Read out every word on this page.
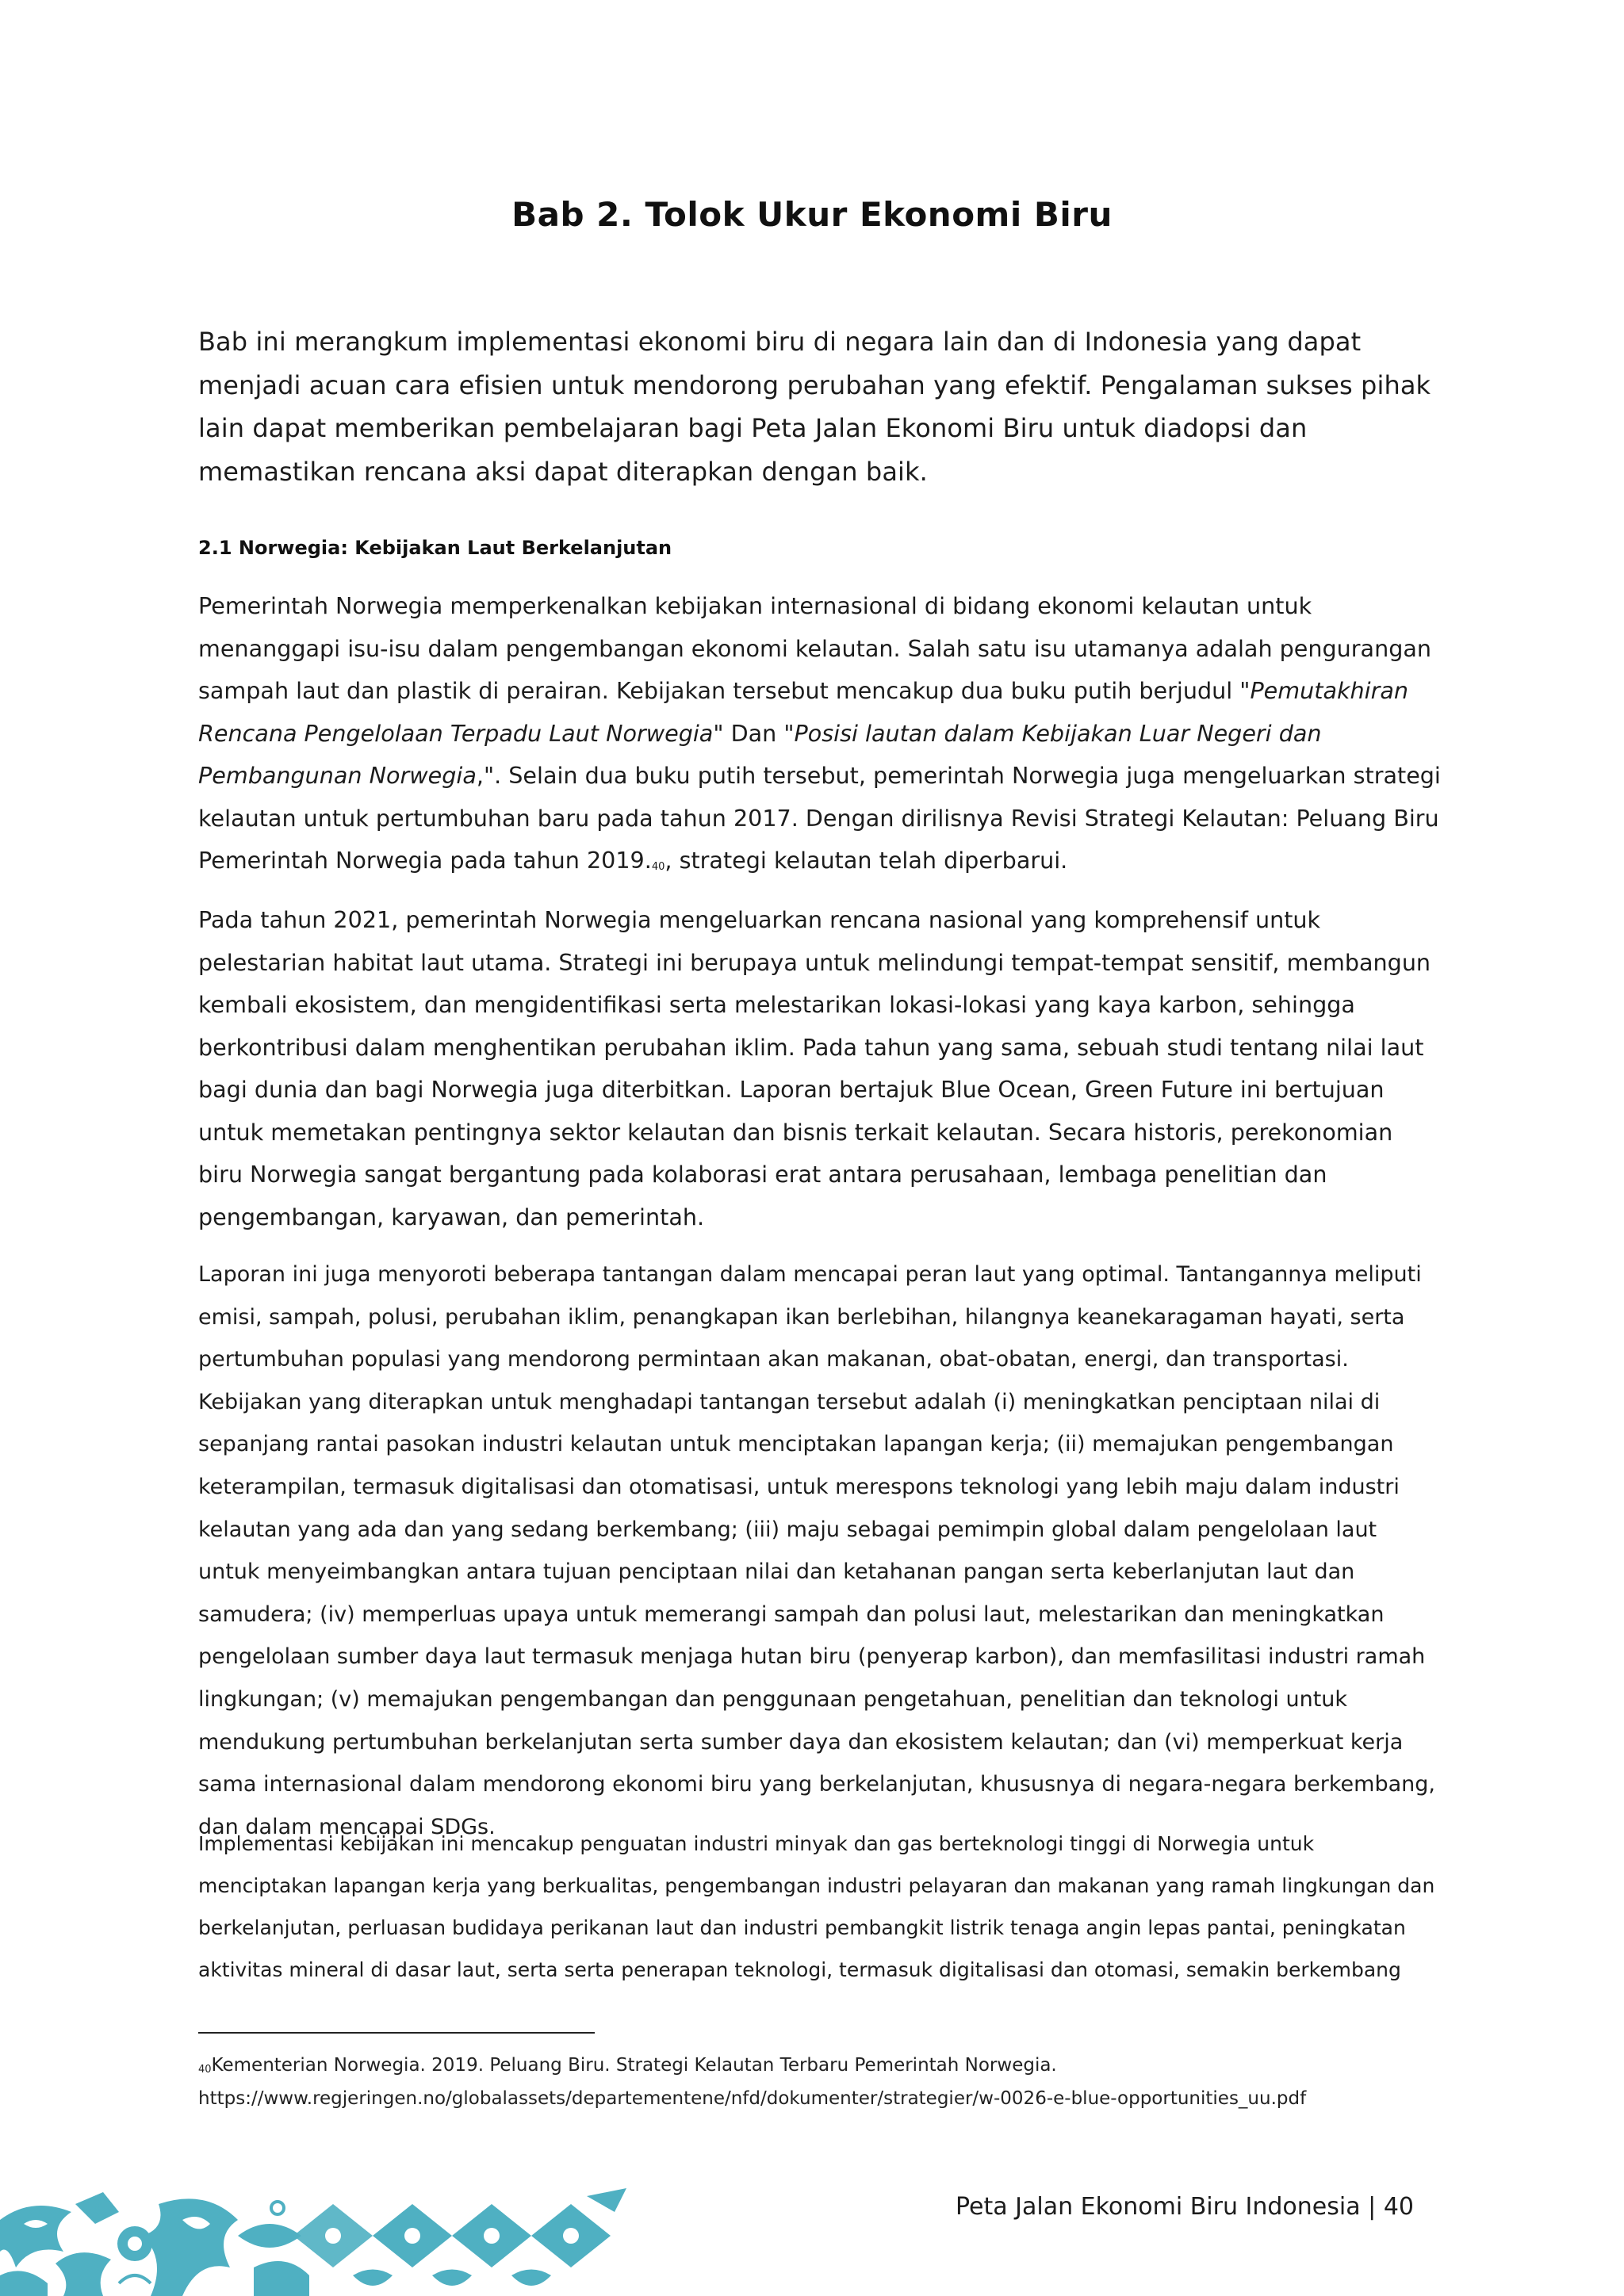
Bab 2. Tolok Ukur Ekonomi Biru

Bab ini merangkum implementasi ekonomi biru di negara lain dan di Indonesia yang dapat menjadi acuan cara efisien untuk mendorong perubahan yang efektif. Pengalaman sukses pihak lain dapat memberikan pembelajaran bagi Peta Jalan Ekonomi Biru untuk diadopsi dan memastikan rencana aksi dapat diterapkan dengan baik.

2.1 Norwegia: Kebijakan Laut Berkelanjutan

Pemerintah Norwegia memperkenalkan kebijakan internasional di bidang ekonomi kelautan untuk menanggapi isu-isu dalam pengembangan ekonomi kelautan. Salah satu isu utamanya adalah pengurangan sampah laut dan plastik di perairan. Kebijakan tersebut mencakup dua buku putih berjudul "Pemutakhiran Rencana Pengelolaan Terpadu Laut Norwegia" Dan "Posisi lautan dalam Kebijakan Luar Negeri dan Pembangunan Norwegia,". Selain dua buku putih tersebut, pemerintah Norwegia juga mengeluarkan strategi kelautan untuk pertumbuhan baru pada tahun 2017. Dengan dirilisnya Revisi Strategi Kelautan: Peluang Biru Pemerintah Norwegia pada tahun 2019.40, strategi kelautan telah diperbarui.

Pada tahun 2021, pemerintah Norwegia mengeluarkan rencana nasional yang komprehensif untuk pelestarian habitat laut utama. Strategi ini berupaya untuk melindungi tempat-tempat sensitif, membangun kembali ekosistem, dan mengidentifikasi serta melestarikan lokasi-lokasi yang kaya karbon, sehingga berkontribusi dalam menghentikan perubahan iklim. Pada tahun yang sama, sebuah studi tentang nilai laut bagi dunia dan bagi Norwegia juga diterbitkan. Laporan bertajuk Blue Ocean, Green Future ini bertujuan untuk memetakan pentingnya sektor kelautan dan bisnis terkait kelautan. Secara historis, perekonomian biru Norwegia sangat bergantung pada kolaborasi erat antara perusahaan, lembaga penelitian dan pengembangan, karyawan, dan pemerintah.

Laporan ini juga menyoroti beberapa tantangan dalam mencapai peran laut yang optimal. Tantangannya meliputi emisi, sampah, polusi, perubahan iklim, penangkapan ikan berlebihan, hilangnya keanekaragaman hayati, serta pertumbuhan populasi yang mendorong permintaan akan makanan, obat-obatan, energi, dan transportasi. Kebijakan yang diterapkan untuk menghadapi tantangan tersebut adalah (i) meningkatkan penciptaan nilai di sepanjang rantai pasokan industri kelautan untuk menciptakan lapangan kerja; (ii) memajukan pengembangan keterampilan, termasuk digitalisasi dan otomatisasi, untuk merespons teknologi yang lebih maju dalam industri kelautan yang ada dan yang sedang berkembang; (iii) maju sebagai pemimpin global dalam pengelolaan laut untuk menyeimbangkan antara tujuan penciptaan nilai dan ketahanan pangan serta keberlanjutan laut dan samudera; (iv) memperluas upaya untuk memerangi sampah dan polusi laut, melestarikan dan meningkatkan pengelolaan sumber daya laut termasuk menjaga hutan biru (penyerap karbon), dan memfasilitasi industri ramah lingkungan; (v) memajukan pengembangan dan penggunaan pengetahuan, penelitian dan teknologi untuk mendukung pertumbuhan berkelanjutan serta sumber daya dan ekosistem kelautan; dan (vi) memperkuat kerja sama internasional dalam mendorong ekonomi biru yang berkelanjutan, khususnya di negara-negara berkembang, dan dalam mencapai SDGs.

Implementasi kebijakan ini mencakup penguatan industri minyak dan gas berteknologi tinggi di Norwegia untuk menciptakan lapangan kerja yang berkualitas, pengembangan industri pelayaran dan makanan yang ramah lingkungan dan berkelanjutan, perluasan budidaya perikanan laut dan industri pembangkit listrik tenaga angin lepas pantai, peningkatan aktivitas mineral di dasar laut, serta serta penerapan teknologi, termasuk digitalisasi dan otomasi, semakin berkembang

$^{40}$Kementerian Norwegia. 2019. Peluang Biru. Strategi Kelautan Terbaru Pemerintah Norwegia. https://www.regjeringen.no/globalassets/departementene/nfd/dokumenter/strategier/w-0026-e-blue-opportunities_uu.pdf

Peta Jalan Ekonomi Biru Indonesia | 40
